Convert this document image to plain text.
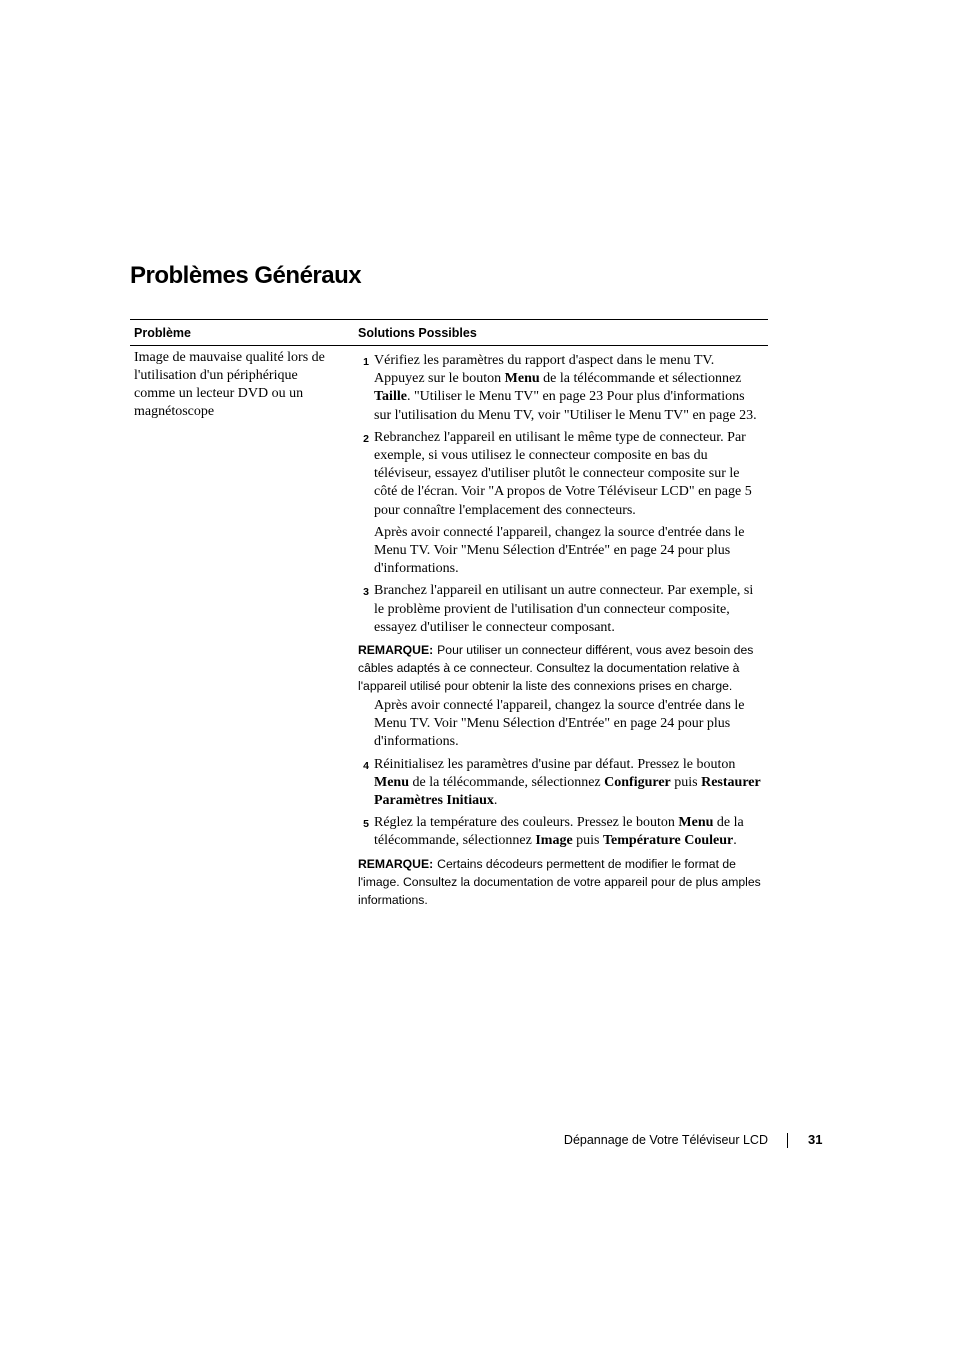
Problèmes Généraux
Problème	Solutions Possibles
Image de mauvaise qualité lors de l'utilisation d'un périphérique comme un lecteur DVD ou un magnétoscope
1 Vérifiez les paramètres du rapport d'aspect dans le menu TV. Appuyez sur le bouton Menu de la télécommande et sélectionnez Taille. "Utiliser le Menu TV" en page 23 Pour plus d'informations sur l'utilisation du Menu TV, voir "Utiliser le Menu TV" en page 23.
2 Rebranchez l'appareil en utilisant le même type de connecteur. Par exemple, si vous utilisez le connecteur composite en bas du téléviseur, essayez d'utiliser plutôt le connecteur composite sur le côté de l'écran. Voir "A propos de Votre Téléviseur LCD" en page 5 pour connaître l'emplacement des connecteurs.

Après avoir connecté l'appareil, changez la source d'entrée dans le Menu TV. Voir "Menu Sélection d'Entrée" en page 24 pour plus d'informations.

3 Branchez l'appareil en utilisant un autre connecteur. Par exemple, si le problème provient de l'utilisation d'un connecteur composite, essayez d'utiliser le connecteur composant.
REMARQUE: Pour utiliser un connecteur différent, vous avez besoin des câbles adaptés à ce connecteur. Consultez la documentation relative à l'appareil utilisé pour obtenir la liste des connexions prises en charge.

Après avoir connecté l'appareil, changez la source d'entrée dans le Menu TV. Voir "Menu Sélection d'Entrée" en page 24 pour plus d'informations.

4 Réinitialisez les paramètres d'usine par défaut. Pressez le bouton Menu de la télécommande, sélectionnez Configurer puis Restaurer Paramètres Initiaux.
5 Réglez la température des couleurs. Pressez le bouton Menu de la télécommande, sélectionnez Image puis Température Couleur.
REMARQUE: Certains décodeurs permettent de modifier le format de l'image. Consultez la documentation de votre appareil pour de plus amples informations.
Dépannage de Votre Téléviseur LCD	31
